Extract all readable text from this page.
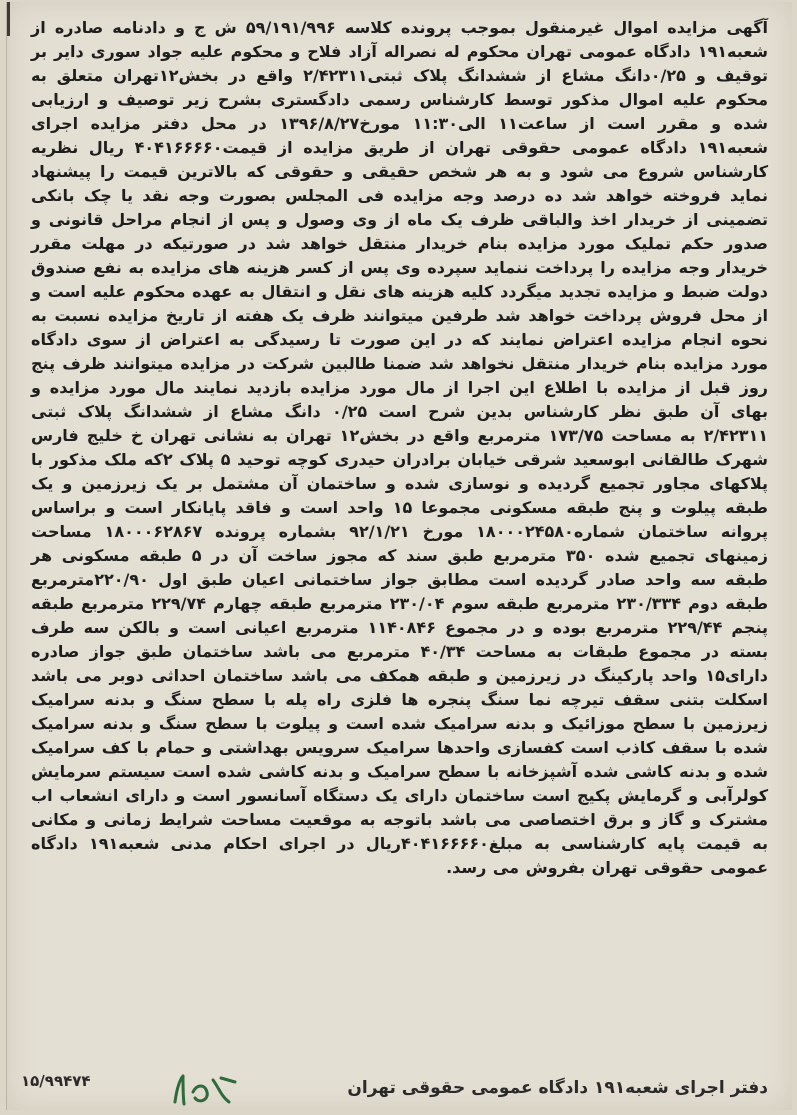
آگهی مزایده اموال غیرمنقول بموجب پرونده کلاسه ۵۹/۱۹۱/۹۹۶ ش ج و دادنامه صادره از شعبه۱۹۱ دادگاه عمومی تهران محکوم له نصراله آزاد فلاح و محکوم علیه جواد سوری دایر بر توقیف و ۰/۲۵دانگ مشاع از ششدانگ پلاک ثبتی۲/۴۲۳۱۱ واقع در بخش۱۲تهران متعلق به محکوم علیه اموال مذکور توسط کارشناس رسمی دادگستری بشرح زیر توصیف و ارزیابی شده و مقرر است از ساعت۱۱ الی۱۱:۳۰ مورخ۱۳۹۶/۸/۲۷ در محل دفتر مزایده اجرای شعبه۱۹۱ دادگاه عمومی حقوقی تهران از طریق مزایده از قیمت۴۰۴۱۶۶۶۶۰ ریال نظریه کارشناس شروع می شود و به هر شخص حقیقی و حقوقی که بالاترین قیمت را پیشنهاد نماید فروخته خواهد شد ده درصد وجه مزایده فی المجلس بصورت وجه نقد یا چک بانکی تضمینی از خریدار اخذ والباقی ظرف یک ماه از وی وصول و پس از انجام مراحل قانونی و صدور حکم تملیک مورد مزایده بنام خریدار منتقل خواهد شد در صورتیکه در مهلت مقرر خریدار وجه مزایده را پرداخت ننماید سپرده وی پس از کسر هزینه های مزایده به نفع صندوق دولت ضبط و مزایده تجدید میگردد کلیه هزینه های نقل و انتقال به عهده محکوم علیه است و از محل فروش پرداخت خواهد شد طرفین میتوانند ظرف یک هفته از تاریخ مزایده نسبت به نحوه انجام مزایده اعتراض نمایند که در این صورت تا رسیدگی به اعتراض از سوی دادگاه مورد مزایده بنام خریدار منتقل نخواهد شد ضمنا طالبین شرکت در مزایده میتوانند ظرف پنج روز قبل از مزایده با اطلاع این اجرا از مال مورد مزایده بازدید نمایند مال مورد مزایده و بهای آن طبق نظر کارشناس بدین شرح است ۰/۲۵ دانگ مشاع از ششدانگ پلاک ثبتی ۲/۴۲۳۱۱ به مساحت ۱۷۳/۷۵ مترمربع واقع در بخش۱۲ تهران به نشانی تهران خ خلیج فارس شهرک طالقانی ابوسعید شرقی خیابان برادران حیدری کوچه توحید ۵ پلاک ۲که ملک مذکور با پلاکهای مجاور تجمیع گردیده و نوسازی شده و ساختمان آن مشتمل بر یک زیرزمین و یک طبقه پیلوت و پنج طبقه مسکونی مجموعا ۱۵ واحد است و فاقد پایانکار است و براساس پروانه ساختمان شماره۱۸۰۰۰۲۴۵۸۰ مورخ ۹۲/۱/۲۱ بشماره پرونده ۱۸۰۰۰۶۲۸۶۷ مساحت زمینهای تجمیع شده ۳۵۰ مترمربع طبق سند که مجوز ساخت آن در ۵ طبقه مسکونی هر طبقه سه واحد صادر گردیده است مطابق جواز ساختمانی اعیان طبق اول ۲۲۰/۹۰مترمربع طبقه دوم ۲۳۰/۳۳۴ مترمربع طبقه سوم ۲۳۰/۰۴ مترمربع طبقه چهارم ۲۲۹/۷۴ مترمربع طبقه پنجم ۲۲۹/۴۴ مترمربع بوده و در مجموع ۱۱۴۰۸۴۶ مترمربع اعیانی است و بالکن سه طرف بسته در مجموع طبقات به مساحت ۴۰/۳۴ مترمربع می باشد ساختمان طبق جواز صادره دارای۱۵ واحد پارکینگ در زیرزمین و طبقه همکف می باشد ساختمان احداثی دوبر می باشد اسکلت بتنی سقف تیرچه نما سنگ پنجره ها فلزی راه پله با سطح سنگ و بدنه سرامیک زیرزمین با سطح موزائیک و بدنه سرامیک شده است و پیلوت با سطح سنگ و بدنه سرامیک شده با سقف کاذب است کفسازی واحدها سرامیک سرویس بهداشتی و حمام با کف سرامیک شده و بدنه کاشی شده آشپزخانه با سطح سرامیک و بدنه کاشی شده است سیستم سرمایش کولرآبی و گرمایش پکیج است ساختمان دارای یک دستگاه آسانسور است و دارای انشعاب اب مشترک و گاز و برق اختصاصی می باشد باتوجه به موقعیت مساحت شرایط زمانی و مکانی به قیمت پایه کارشناسی به مبلغ۴۰۴۱۶۶۶۶۰ریال در اجرای احکام مدنی شعبه۱۹۱ دادگاه عمومی حقوقی تهران بفروش می رسد.

دفتر اجرای شعبه۱۹۱ دادگاه عمومی حقوقی تهران
۱۵/۹۹۴۷۴
